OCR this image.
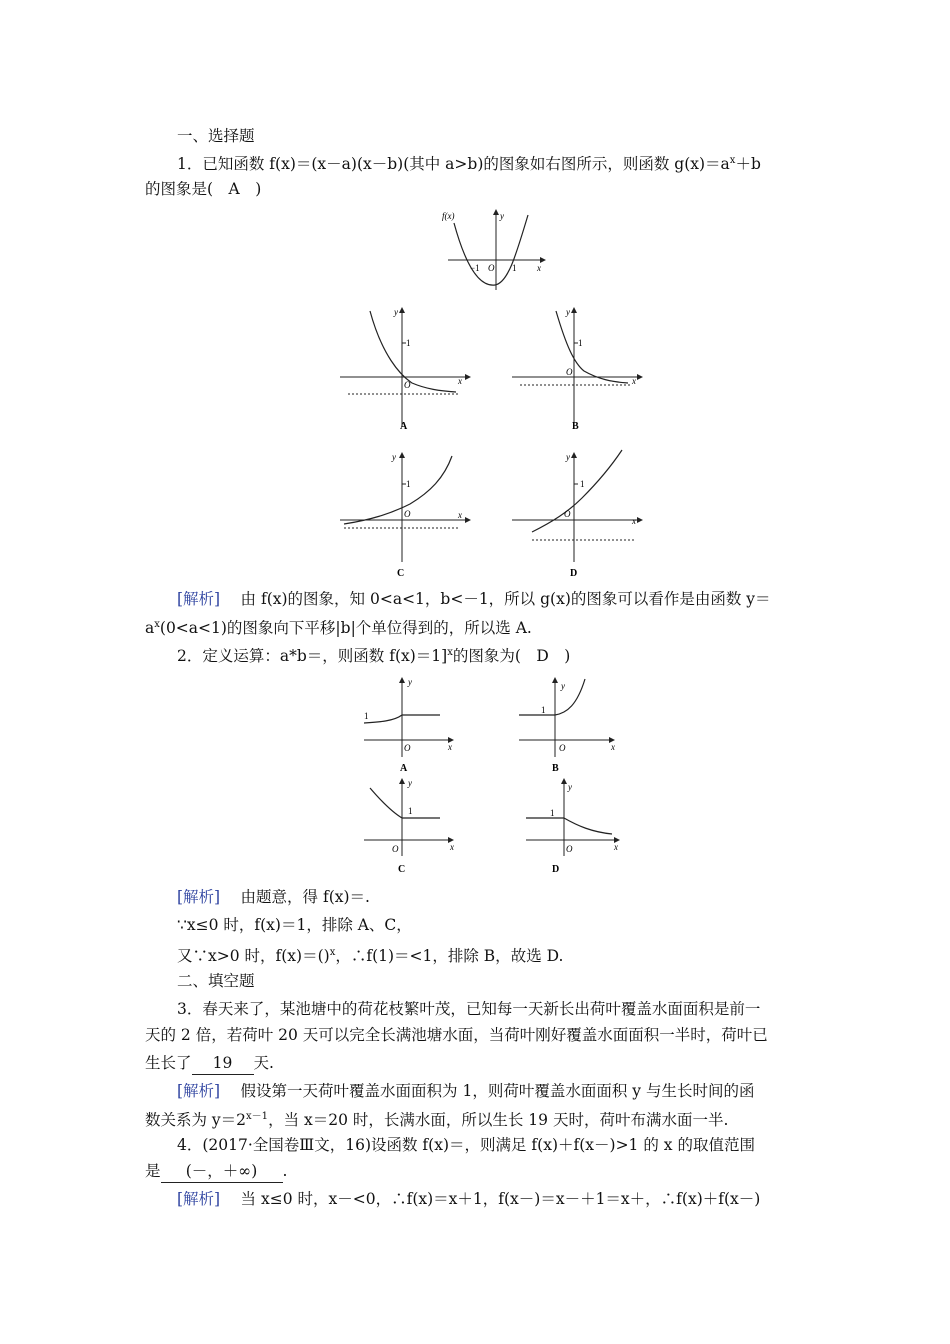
一、选择题
1．已知函数 f(x)＝(x－a)(x－b)(其中 a>b)的图象如右图所示，则函数 $g(x)=a^x+b$
的图象是(　A　)
f(x)	y
−1 O 1 x
y
1
O	x
A
y
1
O
x
B
y
1
O	x
C
y
1
O
x
D
[解析]　 由 f(x)的图象，知 0<a<1，b<－1，所以 g(x)的图象可以看作是由函数 y＝
$a^x(0<a<1)$的图象向下平移|b|个单位得到的，所以选 A.
2．定义运算：a*b＝，则函数 f(x)＝1]$^x$的图象为(　D　)
y
1
O	x
A
y
1
O	x
B
y
1
O	x
C
y
1
O	x
D
[解析]　 由题意，得 f(x)＝.
∵x≤0 时，f(x)＝1，排除 A、C，
又∵x>0 时，f(x)＝()$^x$，∴f(1)＝<1，排除 B，故选 D.
二、填空题
3．春天来了，某池塘中的荷花枝繁叶茂，已知每一天新长出荷叶覆盖水面面积是前一
天的 2 倍，若荷叶 20 天可以完全长满池塘水面，当荷叶刚好覆盖水面面积一半时，荷叶已
生长了 19 天.
[解析]　 假设第一天荷叶覆盖水面面积为 1，则荷叶覆盖水面面积 y 与生长时间的函
数关系为 $y=2^{x-1}$，当 x＝20 时，长满水面，所以生长 19 天时，荷叶布满水面一半.
4．(2017·全国卷Ⅲ文，16)设函数 f(x)＝，则满足 f(x)＋f(x－)>1 的 x 的取值范围
是 (－，＋∞) .
[解析]　 当 x≤0 时，x－<0，∴f(x)＝x＋1，f(x－)＝x－＋1＝x＋，∴f(x)＋f(x－)
